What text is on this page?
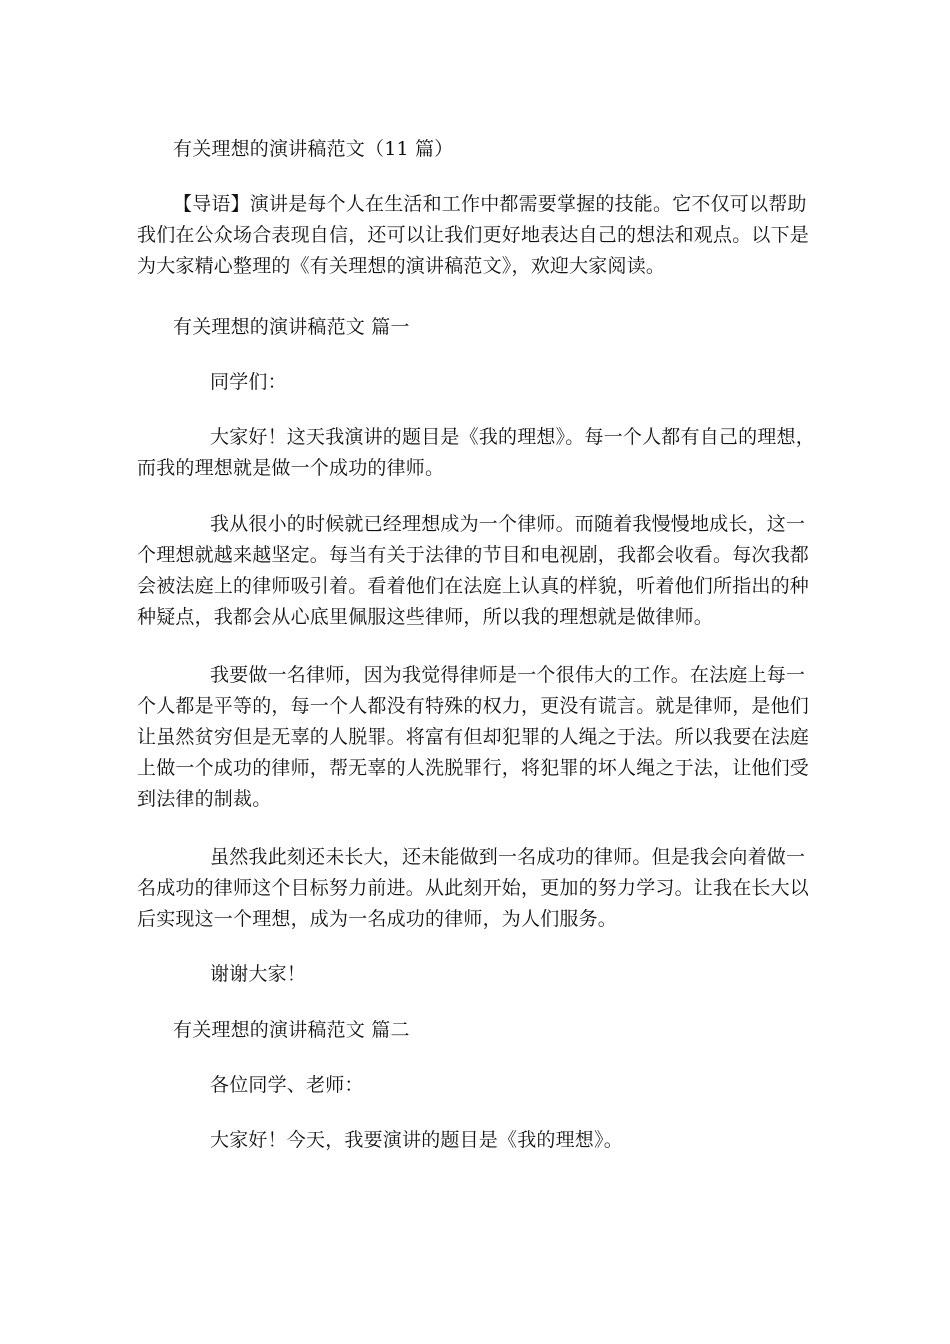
有关理想的演讲稿范文（11 篇）
【导语】演讲是每个人在生活和工作中都需要掌握的技能。它不仅可以帮助
我们在公众场合表现自信，还可以让我们更好地表达自己的想法和观点。以下是
为大家精心整理的《有关理想的演讲稿范文》，欢迎大家阅读。
有关理想的演讲稿范文 篇一
同学们：
大家好！这天我演讲的题目是《我的理想》。每一个人都有自己的理想，
而我的理想就是做一个成功的律师。
我从很小的时候就已经理想成为一个律师。而随着我慢慢地成长，这一
个理想就越来越坚定。每当有关于法律的节目和电视剧，我都会收看。每次我都
会被法庭上的律师吸引着。看着他们在法庭上认真的样貌，听着他们所指出的种
种疑点，我都会从心底里佩服这些律师，所以我的理想就是做律师。
我要做一名律师，因为我觉得律师是一个很伟大的工作。在法庭上每一
个人都是平等的，每一个人都没有特殊的权力，更没有谎言。就是律师，是他们
让虽然贫穷但是无辜的人脱罪。将富有但却犯罪的人绳之于法。所以我要在法庭
上做一个成功的律师，帮无辜的人洗脱罪行，将犯罪的坏人绳之于法，让他们受
到法律的制裁。
虽然我此刻还未长大，还未能做到一名成功的律师。但是我会向着做一
名成功的律师这个目标努力前进。从此刻开始，更加的努力学习。让我在长大以
后实现这一个理想，成为一名成功的律师，为人们服务。
谢谢大家！
有关理想的演讲稿范文 篇二
各位同学、老师：
大家好！今天，我要演讲的题目是《我的理想》。
